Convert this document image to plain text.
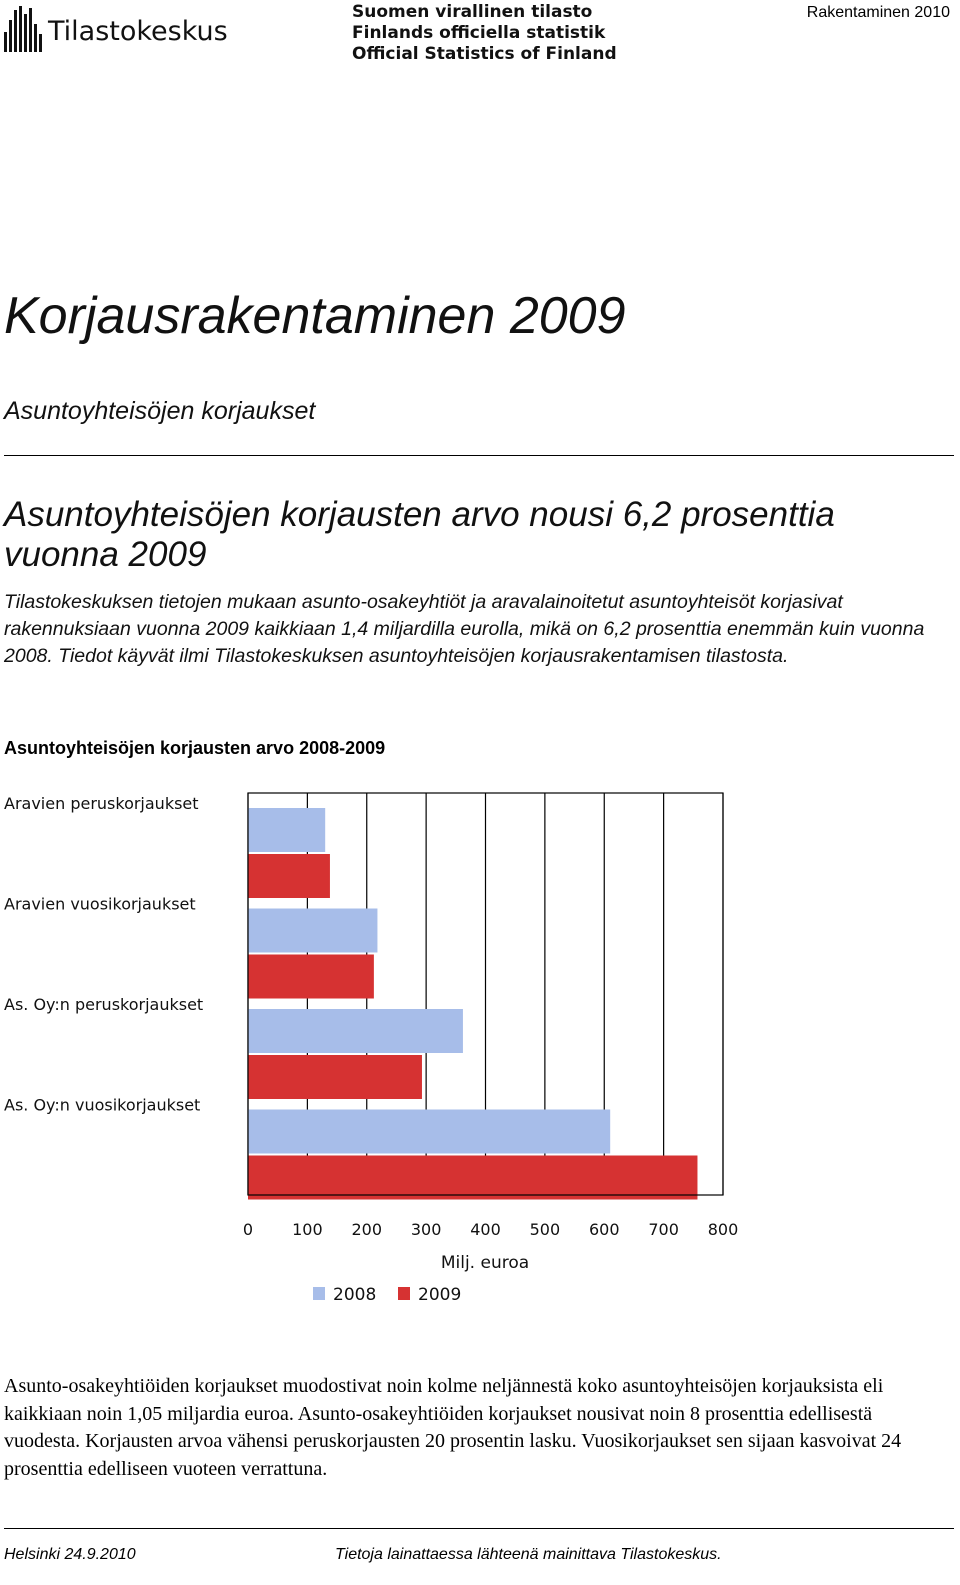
Tilastokeskus
Suomen virallinen tilasto
Finlands officiella statistik
Official Statistics of Finland
Rakentaminen 2010
Korjausrakentaminen 2009
Asuntoyhteisöjen korjaukset
Asuntoyhteisöjen korjausten arvo nousi 6,2 prosenttia vuonna 2009
Tilastokeskuksen tietojen mukaan asunto-osakeyhtiöt ja aravalainoitetut asuntoyhteisöt korjasivat rakennuksiaan vuonna 2009 kaikkiaan 1,4 miljardilla eurolla, mikä on 6,2 prosenttia enemmän kuin vuonna 2008. Tiedot käyvät ilmi Tilastokeskuksen asuntoyhteisöjen korjausrakentamisen tilastosta.
Asuntoyhteisöjen korjausten arvo 2008-2009
Aravien peruskorjaukset
Aravien vuosikorjaukset
As. Oy:n peruskorjaukset
As. Oy:n vuosikorjaukset
0 100 200 300 400 500 600 700 800
Milj. euroa
2008 2009
Asunto-osakeyhtiöiden korjaukset muodostivat noin kolme neljännestä koko asuntoyhteisöjen korjauksista eli kaikkiaan noin 1,05 miljardia euroa. Asunto-osakeyhtiöiden korjaukset nousivat noin 8 prosenttia edellisestä vuodesta. Korjausten arvoa vähensi peruskorjausten 20 prosentin lasku. Vuosikorjaukset sen sijaan kasvoivat 24 prosenttia edelliseen vuoteen verrattuna.
Helsinki 24.9.2010	Tietoja lainattaessa lähteenä mainittava Tilastokeskus.
